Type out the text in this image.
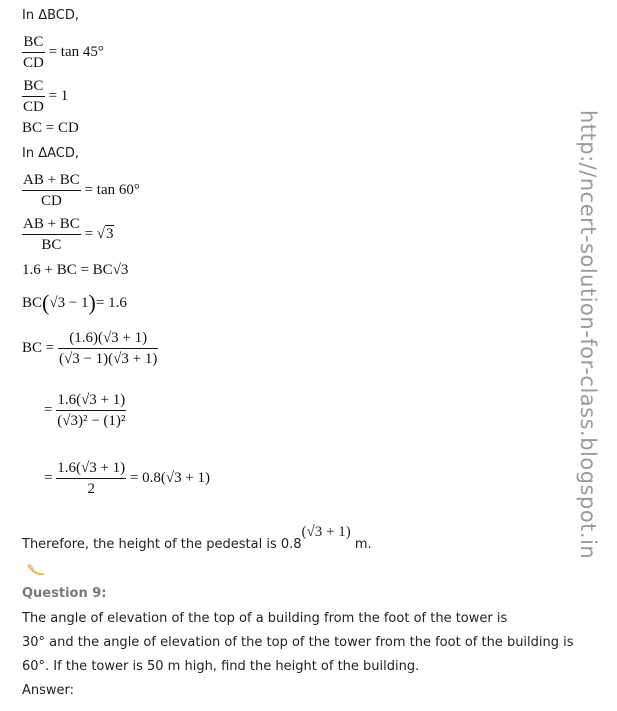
http://ncert-solution-for-class.blogspot.in
In ΔBCD,
$\frac{BC}{CD} = \tan 45^\circ$
$\frac{BC}{CD} = 1$
BC = CD
In ΔACD,
$\frac{AB + BC}{CD} = \tan 60^\circ$
$\frac{AB + BC}{BC} = √3$
1.6 + BC = BC√3
BC(√3 − 1)= 1.6
BC = $\frac{(1.6)(√3 + 1)}{(√3 - 1)(√3 + 1)}$
= $\frac{1.6(√3 + 1)}{\text{(√3)² − (1)²}}$
= $\frac{1.6(√3 + 1)}{2} = 0.8(√3 + 1)$
Therefore, the height of the pedestal is 0.8(√3 + 1) m.
Question 9:
The angle of elevation of the top of a building from the foot of the tower is
30° and the angle of elevation of the top of the tower from the foot of the building is
60°. If the tower is 50 m high, find the height of the building.
Answer:
